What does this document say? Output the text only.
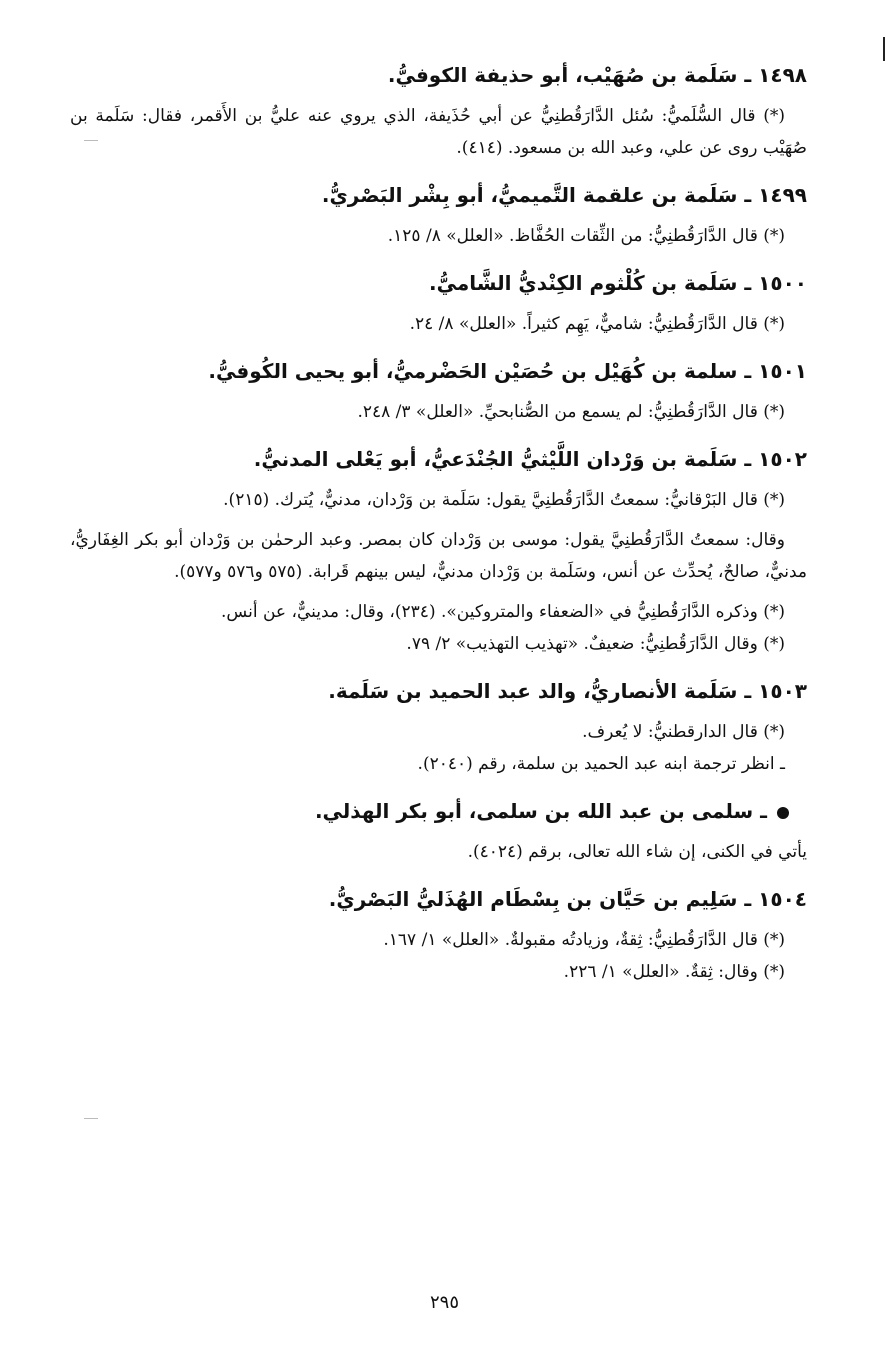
١٤٩٨ ـ سَلَمة بن صُهَيْب، أبو حذيفة الكوفيُّ.

(*) قال السُّلَميُّ: سُئل الدَّارَقُطنِيُّ عن أبي حُذَيفة، الذي يروي عنه عليُّ بن الأَقمر، فقال: سَلَمة بن صُهَيْب روى عن علي، وعبد الله بن مسعود. (٤١٤).

١٤٩٩ ـ سَلَمة بن علقمة التَّميميُّ، أبو بِشْر البَصْريُّ.

(*) قال الدَّارَقُطنِيُّ: من الثِّقات الحُفَّاظ. «العلل» ٨/ ١٢٥.

١٥٠٠ ـ سَلَمة بن كُلْثوم الكِنْديُّ الشَّاميُّ.

(*) قال الدَّارَقُطنِيُّ: شاميٌّ، يَهِم كثيراً. «العلل» ٨/ ٢٤.

١٥٠١ ـ سلمة بن كُهَيْل بن حُصَيْن الحَضْرميُّ، أبو يحيى الكُوفيُّ.

(*) قال الدَّارَقُطنِيُّ: لم يسمع من الصُّنابحيِّ. «العلل» ٣/ ٢٤٨.

١٥٠٢ ـ سَلَمة بن وَرْدان اللَّيْثيُّ الجُنْدَعيُّ، أبو يَعْلى المدنيُّ.

(*) قال البَرْقانيُّ: سمعتُ الدَّارَقُطنِيَّ يقول: سَلَمة بن وَرْدان، مدنيٌّ، يُترك. (٢١٥).

وقال: سمعتُ الدَّارَقُطنِيَّ يقول: موسى بن وَرْدان كان بمصر. وعبد الرحمٰن بن وَرْدان أبو بكر الغِفَاريُّ، مدنيٌّ، صالحٌ، يُحدِّث عن أنس، وسَلَمة بن وَرْدان مدنيٌّ، ليس بينهم قَرابة. (٥٧٥ و٥٧٦ و٥٧٧).

(*) وذكره الدَّارَقُطنِيُّ في «الضعفاء والمتروكين». (٢٣٤)، وقال: مدينيٌّ، عن أنس.

(*) وقال الدَّارَقُطنِيُّ: ضعيفٌ. «تهذيب التهذيب» ٢/ ٧٩.

١٥٠٣ ـ سَلَمة الأنصاريُّ، والد عبد الحميد بن سَلَمة.

(*) قال الدارقطنيُّ: لا يُعرف.

ـ انظر ترجمة ابنه عبد الحميد بن سلمة، رقم (٢٠٤٠).

ـ سلمى بن عبد الله بن سلمى، أبو بكر الهذلي.

يأتي في الكنى، إن شاء الله تعالى، برقم (٤٠٢٤).

١٥٠٤ ـ سَلِيم بن حَيَّان بن بِسْطَام الهُذَليُّ البَصْريُّ.

(*) قال الدَّارَقُطنِيُّ: ثِقةٌ، وزيادتُه مقبولةٌ. «العلل» ١/ ١٦٧.

(*) وقال: ثِقةٌ. «العلل» ١/ ٢٢٦.

٢٩٥
